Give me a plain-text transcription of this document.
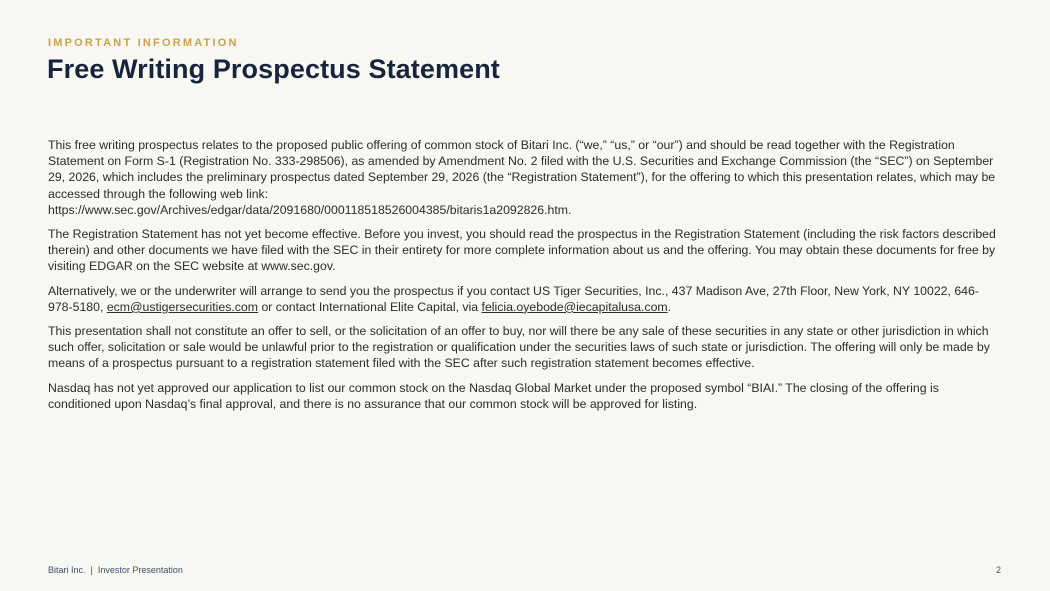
IMPORTANT INFORMATION
Free Writing Prospectus Statement

This free writing prospectus relates to the proposed public offering of common stock of Bitari Inc. (“we,” “us,” or “our”) and should be read together with the Registration Statement on Form S-1 (Registration No. 333-298506), as amended by Amendment No. 2 filed with the U.S. Securities and Exchange Commission (the “SEC”) on September 29, 2026, which includes the preliminary prospectus dated September 29, 2026 (the “Registration Statement”), for the offering to which this presentation relates, which may be accessed through the following web link:
https://www.sec.gov/Archives/edgar/data/2091680/000118518526004385/bitaris1a2092826.htm.

The Registration Statement has not yet become effective. Before you invest, you should read the prospectus in the Registration Statement (including the risk factors described therein) and other documents we have filed with the SEC in their entirety for more complete information about us and the offering. You may obtain these documents for free by visiting EDGAR on the SEC website at www.sec.gov.

Alternatively, we or the underwriter will arrange to send you the prospectus if you contact US Tiger Securities, Inc., 437 Madison Ave, 27th Floor, New York, NY 10022, 646-978-5180, ecm@ustigersecurities.com or contact International Elite Capital, via felicia.oyebode@iecapitalusa.com.

This presentation shall not constitute an offer to sell, or the solicitation of an offer to buy, nor will there be any sale of these securities in any state or other jurisdiction in which such offer, solicitation or sale would be unlawful prior to the registration or qualification under the securities laws of such state or jurisdiction. The offering will only be made by means of a prospectus pursuant to a registration statement filed with the SEC after such registration statement becomes effective.

Nasdaq has not yet approved our application to list our common stock on the Nasdaq Global Market under the proposed symbol “BIAI.” The closing of the offering is conditioned upon Nasdaq’s final approval, and there is no assurance that our common stock will be approved for listing.

Bitari Inc. | Investor Presentation	2
